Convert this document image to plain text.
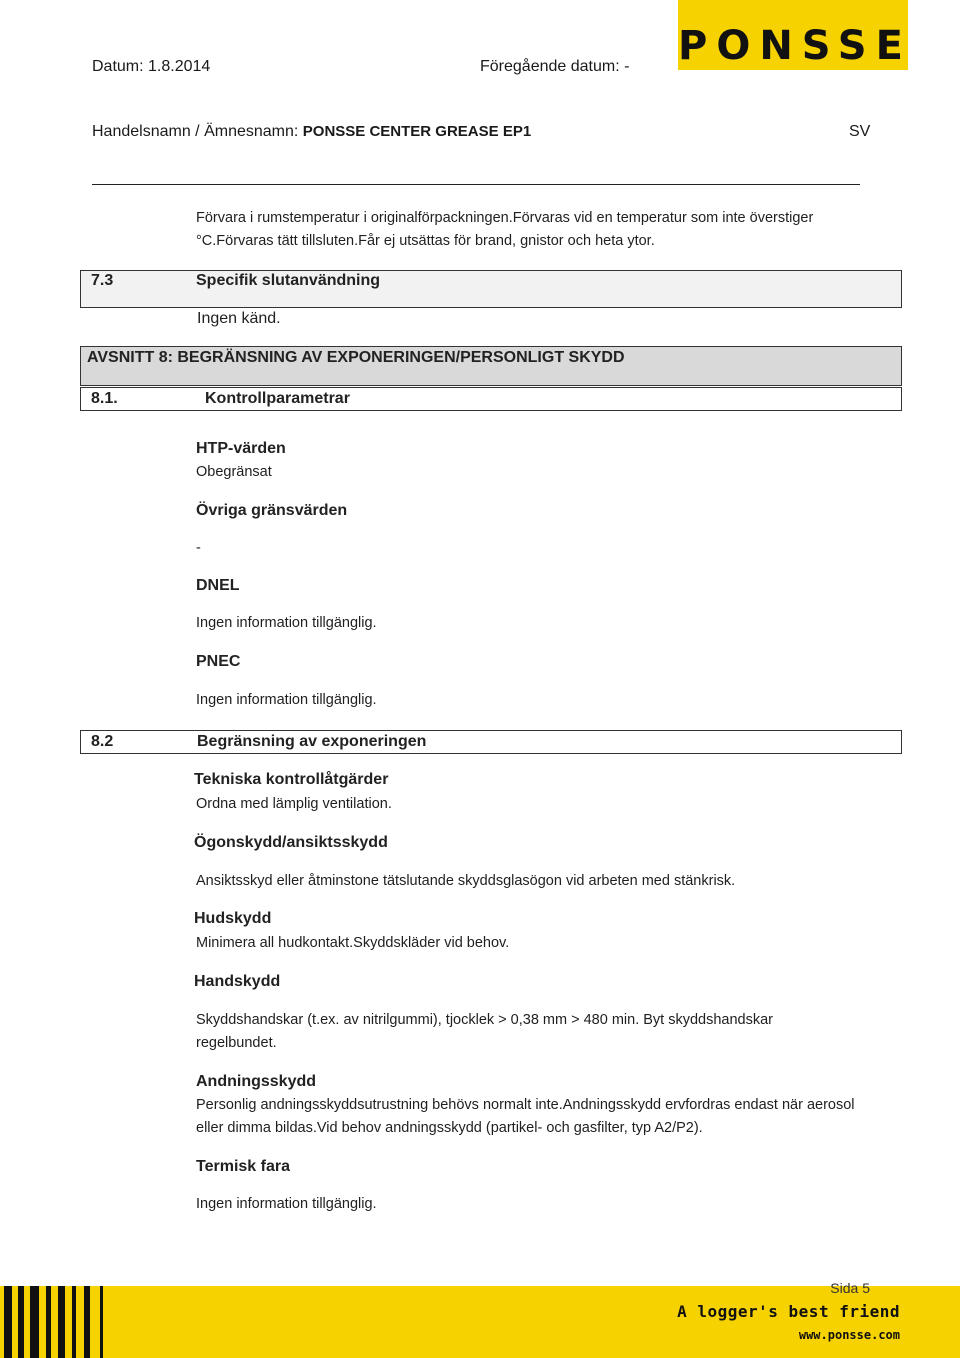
Datum: 1.8.2014	Föregående datum: - PONSSE
Handelsnamn / Ämnesnamn: PONSSE CENTER GREASE EP1	SV
Förvara i rumstemperatur i originalförpackningen.Förvaras vid en temperatur som inte överstiger
°C.Förvaras tätt tillsluten.Får ej utsättas för brand, gnistor och heta ytor.
7.3	Specifik slutanvändning
Ingen känd.
AVSNITT 8: BEGRÄNSNING AV EXPONERINGEN/PERSONLIGT SKYDD
8.1.	Kontrollparametrar
HTP-värden
Obegränsat
Övriga gränsvärden
-
DNEL
Ingen information tillgänglig.
PNEC
Ingen information tillgänglig.
8.2	Begränsning av exponeringen
Tekniska kontrollåtgärder
Ordna med lämplig ventilation.
Ögonskydd/ansiktsskydd
Ansiktsskyd eller åtminstone tätslutande skyddsglasögon vid arbeten med stänkrisk.
Hudskydd
Minimera all hudkontakt.Skyddskläder vid behov.
Handskydd
Skyddshandskar (t.ex. av nitrilgummi), tjocklek > 0,38 mm > 480 min. Byt skyddshandskar
regelbundet.
Andningsskydd
Personlig andningsskyddsutrustning behövs normalt inte.Andningsskydd ervfordras endast när aerosol
eller dimma bildas.Vid behov andningsskydd (partikel- och gasfilter, typ A2/P2).
Termisk fara
Ingen information tillgänglig.
Sida 5
A logger's best friend
www.ponsse.com
